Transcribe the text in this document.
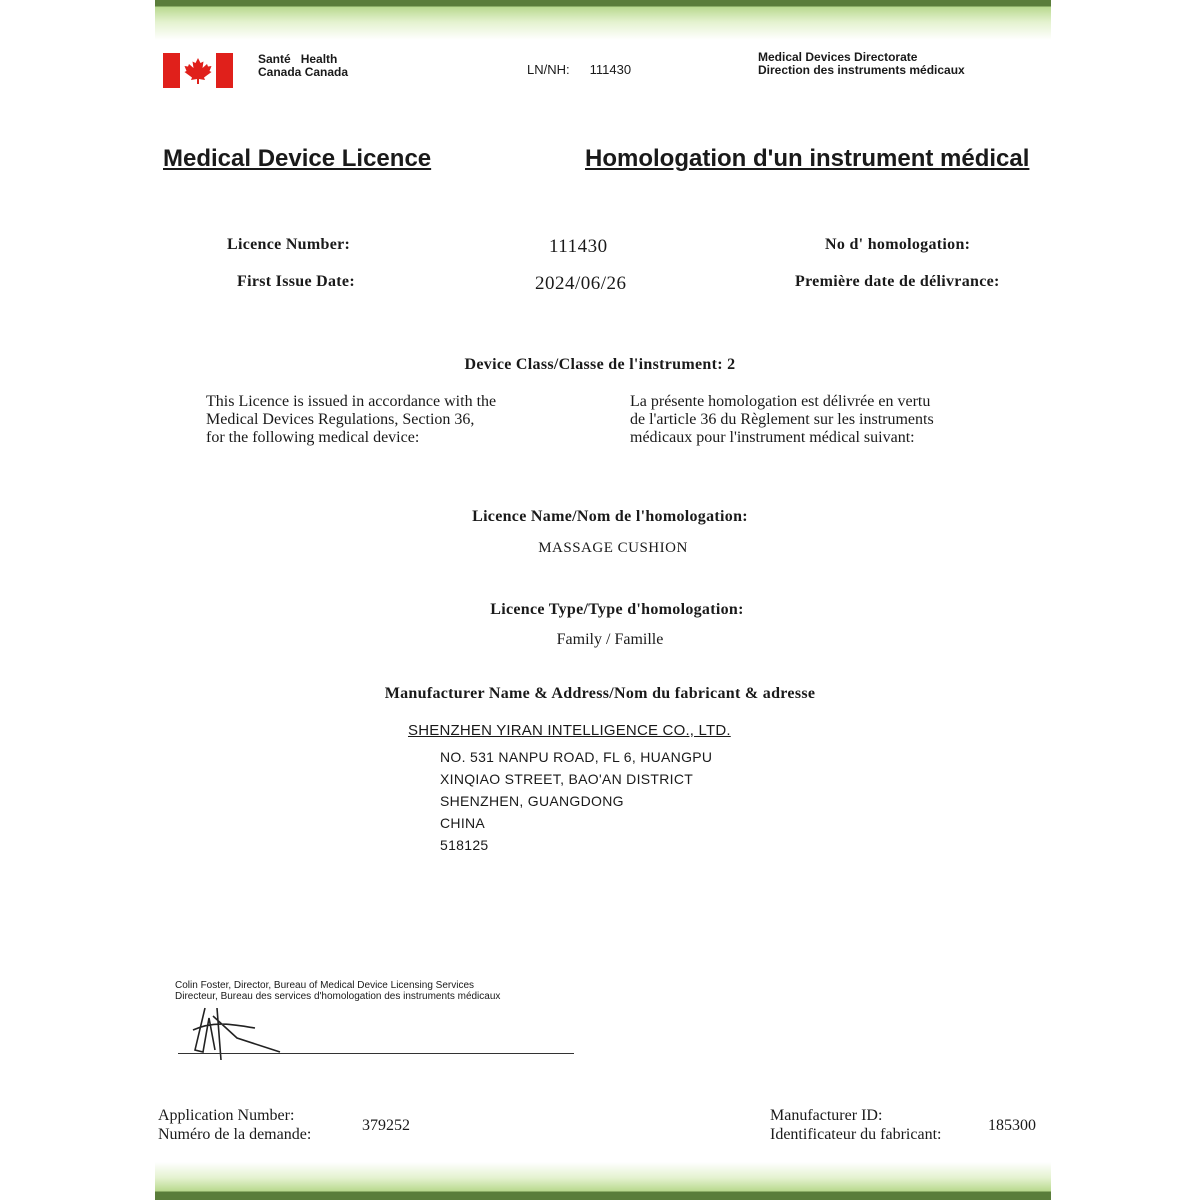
Santé Health
Canada Canada	LN/NH: 111430
Medical Devices Directorate
Direction des instruments médicaux
Medical Device Licence	Homologation d'un instrument médical
Licence Number:	111430	No d' homologation:
First Issue Date:	2024/06/26	Première date de délivrance:
Device Class/Classe de l'instrument: 2
This Licence is issued in accordance with the
Medical Devices Regulations, Section 36,
for the following medical device:
La présente homologation est délivrée en vertu
de l'article 36 du Règlement sur les instruments
médicaux pour l'instrument médical suivant:
Licence Name/Nom de l'homologation:
MASSAGE CUSHION
Licence Type/Type d'homologation:
Family / Famille
Manufacturer Name & Address/Nom du fabricant & adresse
SHENZHEN YIRAN INTELLIGENCE CO., LTD.
NO. 531 NANPU ROAD, FL 6, HUANGPU
XINQIAO STREET, BAO'AN DISTRICT
SHENZHEN, GUANGDONG
CHINA
518125
Colin Foster, Director, Bureau of Medical Device Licensing Services
Directeur, Bureau des services d'homologation des instruments médicaux
Application Number:
Numéro de la demande:
379252
Manufacturer ID:
Identificateur du fabricant:
185300
